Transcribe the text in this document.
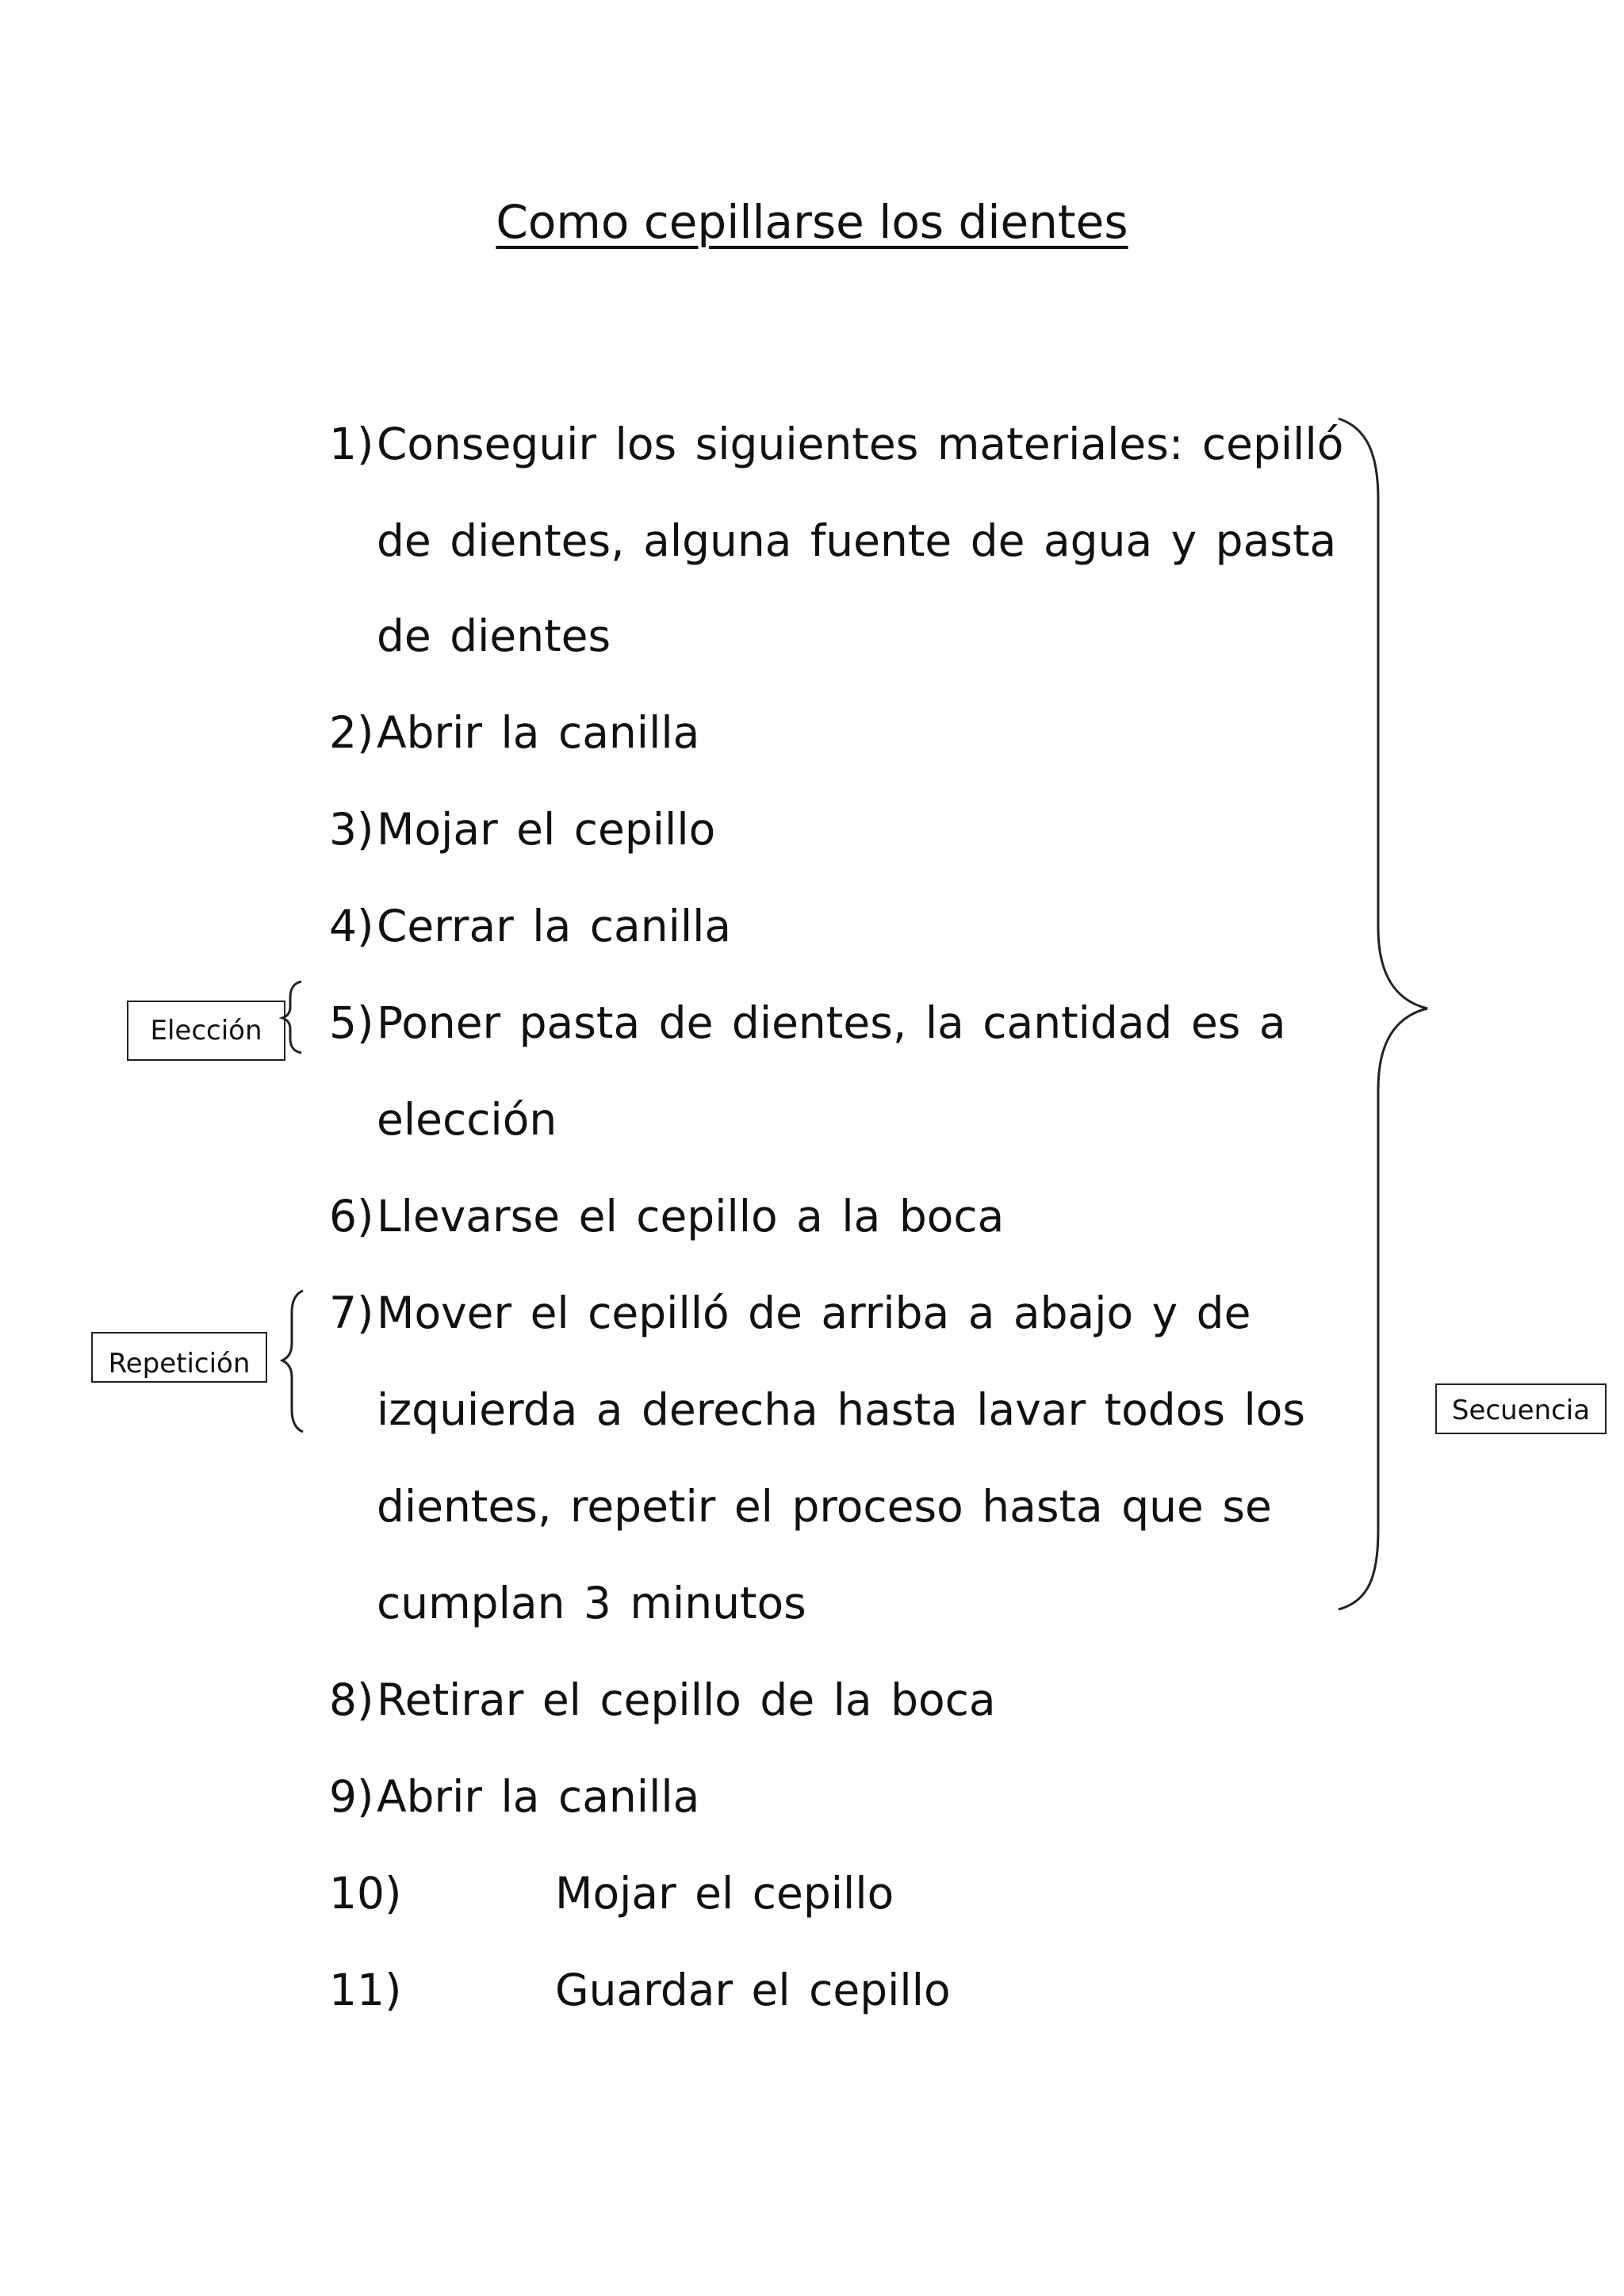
Como cepillarse los dientes
1) Conseguir los siguientes materiales: cepilló
de dientes, alguna fuente de agua y pasta
de dientes
2) Abrir la canilla
3) Mojar el cepillo
4) Cerrar la canilla
5) Poner pasta de dientes, la cantidad es a
elección
6) Llevarse el cepillo a la boca
7) Mover el cepilló de arriba a abajo y de
izquierda a derecha hasta lavar todos los
dientes, repetir el proceso hasta que se
cumplan 3 minutos
8) Retirar el cepillo de la boca
9) Abrir la canilla
10)	Mojar el cepillo
11)	Guardar el cepillo
Elección
Repetición
Secuencia
